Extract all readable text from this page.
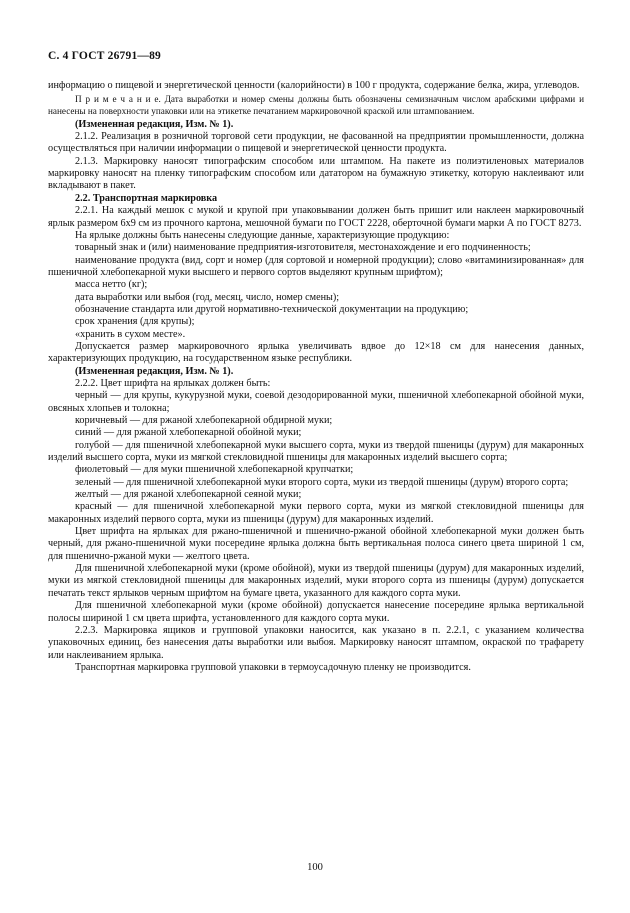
С. 4 ГОСТ 26791—89

информацию о пищевой и энергетической ценности (калорийности) в 100 г продукта, содержание белка, жира, углеводов.

П р и м е ч а н и е. Дата выработки и номер смены должны быть обозначены семизначным числом арабскими цифрами и нанесены на поверхности упаковки или на этикетке печатанием маркировочной краской или штампованием.

(Измененная редакция, Изм. № 1).

2.1.2. Реализация в розничной торговой сети продукции, не фасованной на предприятии промышленности, должна осуществляться при наличии информации о пищевой и энергетической ценности продукта.

2.1.3. Маркировку наносят типографским способом или штампом. На пакете из полиэтиленовых материалов маркировку наносят на пленку типографским способом или дататором на бумажную этикетку, которую наклеивают или вкладывают в пакет.

2.2. Транспортная маркировка

2.2.1. На каждый мешок с мукой и крупой при упаковывании должен быть пришит или наклеен маркировочный ярлык размером 6x9 см из прочного картона, мешочной бумаги по ГОСТ 2228, оберточной бумаги марки А по ГОСТ 8273.

На ярлыке должны быть нанесены следующие данные, характеризующие продукцию:

товарный знак и (или) наименование предприятия-изготовителя, местонахождение и его подчиненность;

наименование продукта (вид, сорт и номер (для сортовой и номерной продукции); слово «витаминизированная» для пшеничной хлебопекарной муки высшего и первого сортов выделяют крупным шрифтом);

масса нетто (кг);

дата выработки или выбоя (год, месяц, число, номер смены);

обозначение стандарта или другой нормативно-технической документации на продукцию;

срок хранения (для крупы);

«хранить в сухом месте».

Допускается размер маркировочного ярлыка увеличивать вдвое до 12×18 см для нанесения данных, характеризующих продукцию, на государственном языке республики.

(Измененная редакция, Изм. № 1).

2.2.2. Цвет шрифта на ярлыках должен быть:

черный — для крупы, кукурузной муки, соевой дезодорированной муки, пшеничной хлебопекарной обойной муки, овсяных хлопьев и толокна;

коричневый — для ржаной хлебопекарной обдирной муки;

синий — для ржаной хлебопекарной обойной муки;

голубой — для пшеничной хлебопекарной муки высшего сорта, муки из твердой пшеницы (дурум) для макаронных изделий высшего сорта, муки из мягкой стекловидной пшеницы для макаронных изделий высшего сорта;

фиолетовый — для муки пшеничной хлебопекарной крупчатки;

зеленый — для пшеничной хлебопекарной муки второго сорта, муки из твердой пшеницы (дурум) второго сорта;

желтый — для ржаной хлебопекарной сеяной муки;

красный — для пшеничной хлебопекарной муки первого сорта, муки из мягкой стекловидной пшеницы для макаронных изделий первого сорта, муки из пшеницы (дурум) для макаронных изделий.

Цвет шрифта на ярлыках для ржано-пшеничной и пшенично-ржаной обойной хлебопекарной муки должен быть черный, для ржано-пшеничной муки посередине ярлыка должна быть вертикальная полоса синего цвета шириной 1 см, для пшенично-ржаной муки — желтого цвета.

Для пшеничной хлебопекарной муки (кроме обойной), муки из твердой пшеницы (дурум) для макаронных изделий, муки из мягкой стекловидной пшеницы для макаронных изделий, муки второго сорта из пшеницы (дурум) допускается печатать текст ярлыков черным шрифтом на бумаге цвета, указанного для каждого сорта муки.

Для пшеничной хлебопекарной муки (кроме обойной) допускается нанесение посередине ярлыка вертикальной полосы шириной 1 см цвета шрифта, установленного для каждого сорта муки.

2.2.3. Маркировка ящиков и групповой упаковки наносится, как указано в п. 2.2.1, с указанием количества упаковочных единиц, без нанесения даты выработки или выбоя. Маркировку наносят штампом, окраской по трафарету или наклеиванием ярлыка.

Транспортная маркировка групповой упаковки в термоусадочную пленку не производится.

100
